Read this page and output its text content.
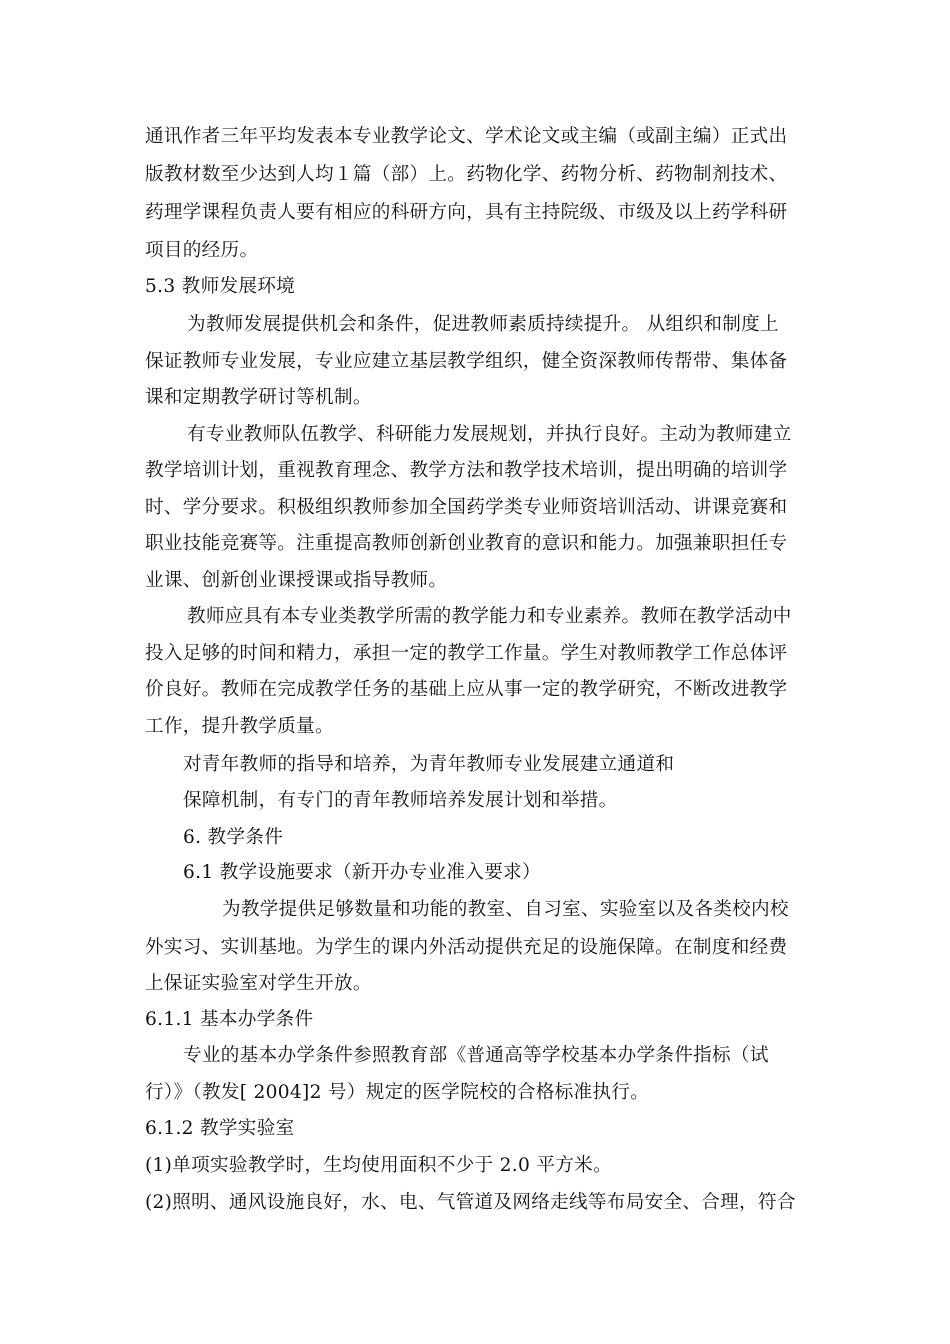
通讯作者三年平均发表本专业教学论文、学术论文或主编（或副主编）正式出
版教材数至少达到人均１篇（部）上。药物化学、药物分析、药物制剂技术、
药理学课程负责人要有相应的科研方向，具有主持院级、市级及以上药学科研
项目的经历。
5.3 教师发展环境
为教师发展提供机会和条件，促进教师素质持续提升。 从组织和制度上
保证教师专业发展，专业应建立基层教学组织，健全资深教师传帮带、集体备
课和定期教学研讨等机制。
有专业教师队伍教学、科研能力发展规划，并执行良好。主动为教师建立
教学培训计划，重视教育理念、教学方法和教学技术培训，提出明确的培训学
时、学分要求。积极组织教师参加全国药学类专业师资培训活动、讲课竞赛和
职业技能竞赛等。注重提高教师创新创业教育的意识和能力。加强兼职担任专
业课、创新创业课授课或指导教师。
教师应具有本专业类教学所需的教学能力和专业素养。教师在教学活动中
投入足够的时间和精力，承担一定的教学工作量。学生对教师教学工作总体评
价良好。教师在完成教学任务的基础上应从事一定的教学研究，不断改进教学
工作，提升教学质量。
对青年教师的指导和培养，为青年教师专业发展建立通道和
保障机制，有专门的青年教师培养发展计划和举措。
6. 教学条件
6.1 教学设施要求（新开办专业准入要求）
为教学提供足够数量和功能的教室、自习室、实验室以及各类校内校
外实习、实训基地。为学生的课内外活动提供充足的设施保障。在制度和经费
上保证实验室对学生开放。
6.1.1 基本办学条件
专业的基本办学条件参照教育部《普通高等学校基本办学条件指标（试
行）》（教发[ 2004]2 号）规定的医学院校的合格标准执行。
6.1.2 教学实验室
(1)单项实验教学时，生均使用面积不少于 2.0 平方米。
(2)照明、通风设施良好，水、电、气管道及网络走线等布局安全、合理，符合
